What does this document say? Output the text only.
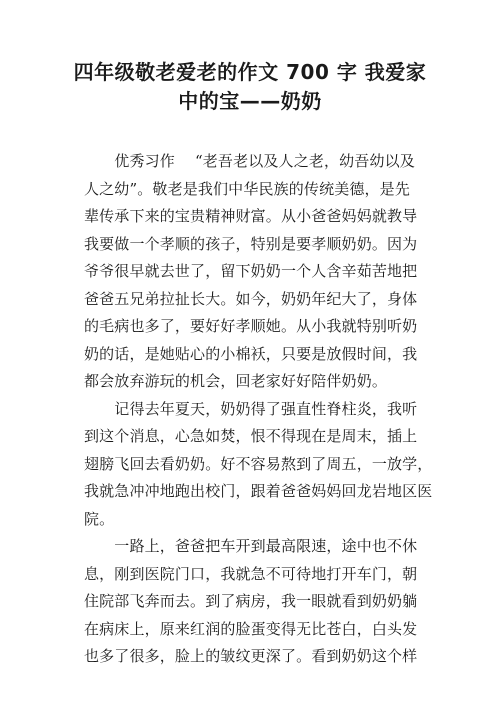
四年级敬老爱老的作文 700 字 我爱家
中的宝——奶奶
　　优秀习作　 “老吾老以及人之老，幼吾幼以及
人之幼”。敬老是我们中华民族的传统美德，是先
辈传承下来的宝贵精神财富。从小爸爸妈妈就教导
我要做一个孝顺的孩子，特别是要孝顺奶奶。因为
爷爷很早就去世了，留下奶奶一个人含辛茹苦地把
爸爸五兄弟拉扯长大。如今，奶奶年纪大了，身体
的毛病也多了，要好好孝顺她。从小我就特别听奶
奶的话，是她贴心的小棉袄，只要是放假时间，我
都会放弃游玩的机会，回老家好好陪伴奶奶。
　　记得去年夏天，奶奶得了强直性脊柱炎，我听
到这个消息，心急如焚，恨不得现在是周末，插上
翅膀飞回去看奶奶。好不容易熬到了周五，一放学，
我就急冲冲地跑出校门，跟着爸爸妈妈回龙岩地区医
院。
　　一路上，爸爸把车开到最高限速，途中也不休
息，刚到医院门口，我就急不可待地打开车门，朝
住院部飞奔而去。到了病房，我一眼就看到奶奶躺
在病床上，原来红润的脸蛋变得无比苍白，白头发
也多了很多，脸上的皱纹更深了。看到奶奶这个样
